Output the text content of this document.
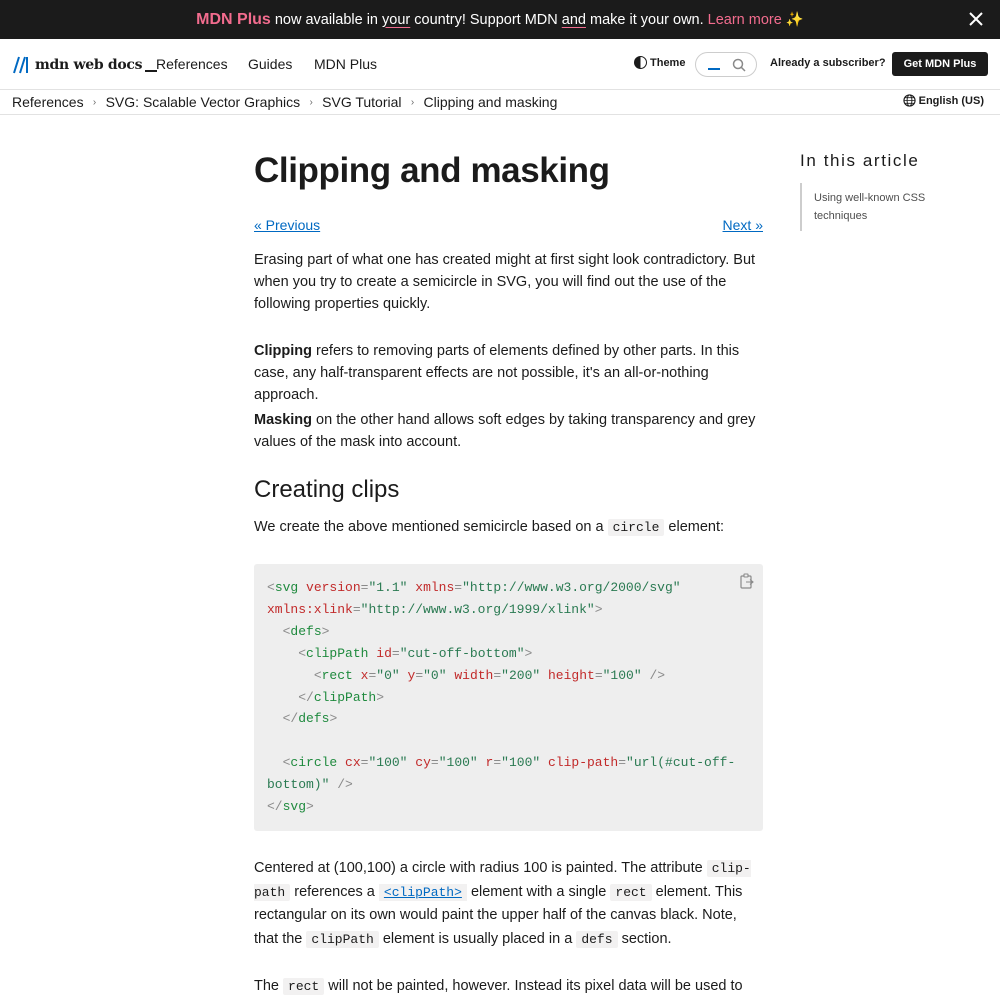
MDN Plus now available in
your
country! Support MDN
and
make it your own. Learn more ✨
mdn web docs References Guides MDN Plus	Theme	Already a subscriber?	Get MDN Plus
References › SVG: Scalable Vector Graphics › SVG Tutorial › Clipping and masking	English (US)
Clipping and masking
« Previous	Next »

Erasing part of what one has created might at first sight look contradictory. But when you try to create a semicircle in SVG, you will find out the use of the following properties quickly.

Clipping refers to removing parts of elements defined by other parts. In this case, any half-transparent effects are not possible, it's an all-or-nothing approach.

Masking on the other hand allows soft edges by taking transparency and grey values of the mask into account.

Creating clips

We create the above mentioned semicircle based on a circle element:

<svg version="1.1" xmlns="http://www.w3.org/2000/svg"
xmlns:xlink="http://www.w3.org/1999/xlink">
<defs>
<clipPath id="cut-off-bottom">
<rect x="0" y="0" width="200" height="100" />
</clipPath>
</defs>

<circle cx="100" cy="100" r="100" clip-path="url(#cut-off-
bottom)" />
</svg>

Centered at (100,100) a circle with radius 100 is painted. The attribute clip-path references a <clipPath> element with a single rect element. This rectangular on its own would paint the upper half of the canvas black. Note, that the clipPath element is usually placed in a defs section.

The rect will not be painted, however. Instead its pixel data will be used to

In this article
Using well-known CSS techniques
